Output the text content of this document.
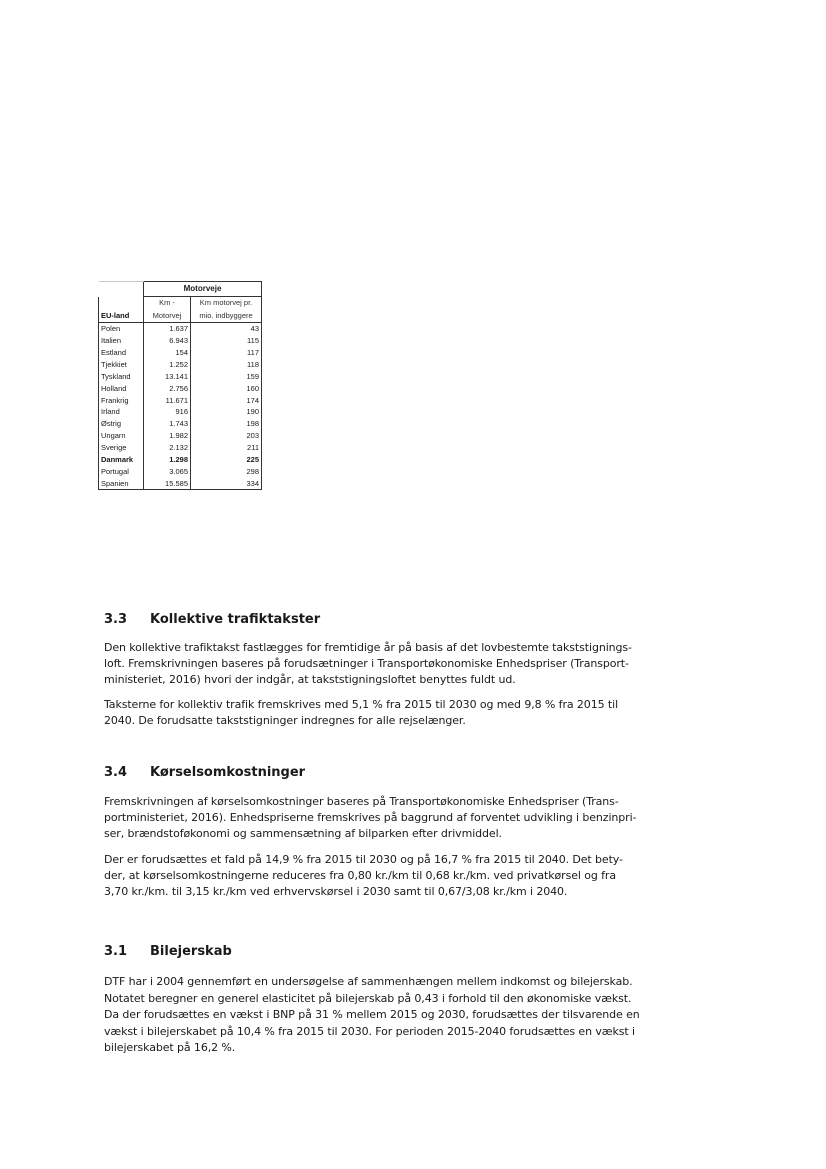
	Motorveje	
	Km -	Km motorvej pr.
EU-land	Motorvej	mio. indbyggere
Polen	1.637	43
Italien	6.943	115
Estland	154	117
Tjekkiet	1.252	118
Tyskland	13.141	159
Holland	2.756	160
Frankrig	11.671	174
Irland	916	190
Østrig	1.743	198
Ungarn	1.982	203
Sverige	2.132	211
Danmark	1.298	225
Portugal	3.065	298
Spanien	15.585	334
3.3 Kollektive trafiktakster

Den kollektive trafiktakst fastlægges for fremtidige år på basis af det lovbestemte takststignings-
loft. Fremskrivningen baseres på forudsætninger i Transportøkonomiske Enhedspriser (Transport-
ministeriet, 2016) hvori der indgår, at takststigningsloftet benyttes fuldt ud.

Taksterne for kollektiv trafik fremskrives med 5,1 % fra 2015 til 2030 og med 9,8 % fra 2015 til
2040. De forudsatte takststigninger indregnes for alle rejselænger.

3.4 Kørselsomkostninger

Fremskrivningen af kørselsomkostninger baseres på Transportøkonomiske Enhedspriser (Trans-
portministeriet, 2016). Enhedspriserne fremskrives på baggrund af forventet udvikling i benzinpri-
ser, brændstoføkonomi og sammensætning af bilparken efter drivmiddel.

Der er forudsættes et fald på 14,9 % fra 2015 til 2030 og på 16,7 % fra 2015 til 2040. Det bety-
der, at kørselsomkostningerne reduceres fra 0,80 kr./km til 0,68 kr./km. ved privatkørsel og fra
3,70 kr./km. til 3,15 kr./km ved erhvervskørsel i 2030 samt til 0,67/3,08 kr./km i 2040.

3.1 Bilejerskab

DTF har i 2004 gennemført en undersøgelse af sammenhængen mellem indkomst og bilejerskab.
Notatet beregner en generel elasticitet på bilejerskab på 0,43 i forhold til den økonomiske vækst.
Da der forudsættes en vækst i BNP på 31 % mellem 2015 og 2030, forudsættes der tilsvarende en
vækst i bilejerskabet på 10,4 % fra 2015 til 2030. For perioden 2015-2040 forudsættes en vækst i
bilejerskabet på 16,2 %.
